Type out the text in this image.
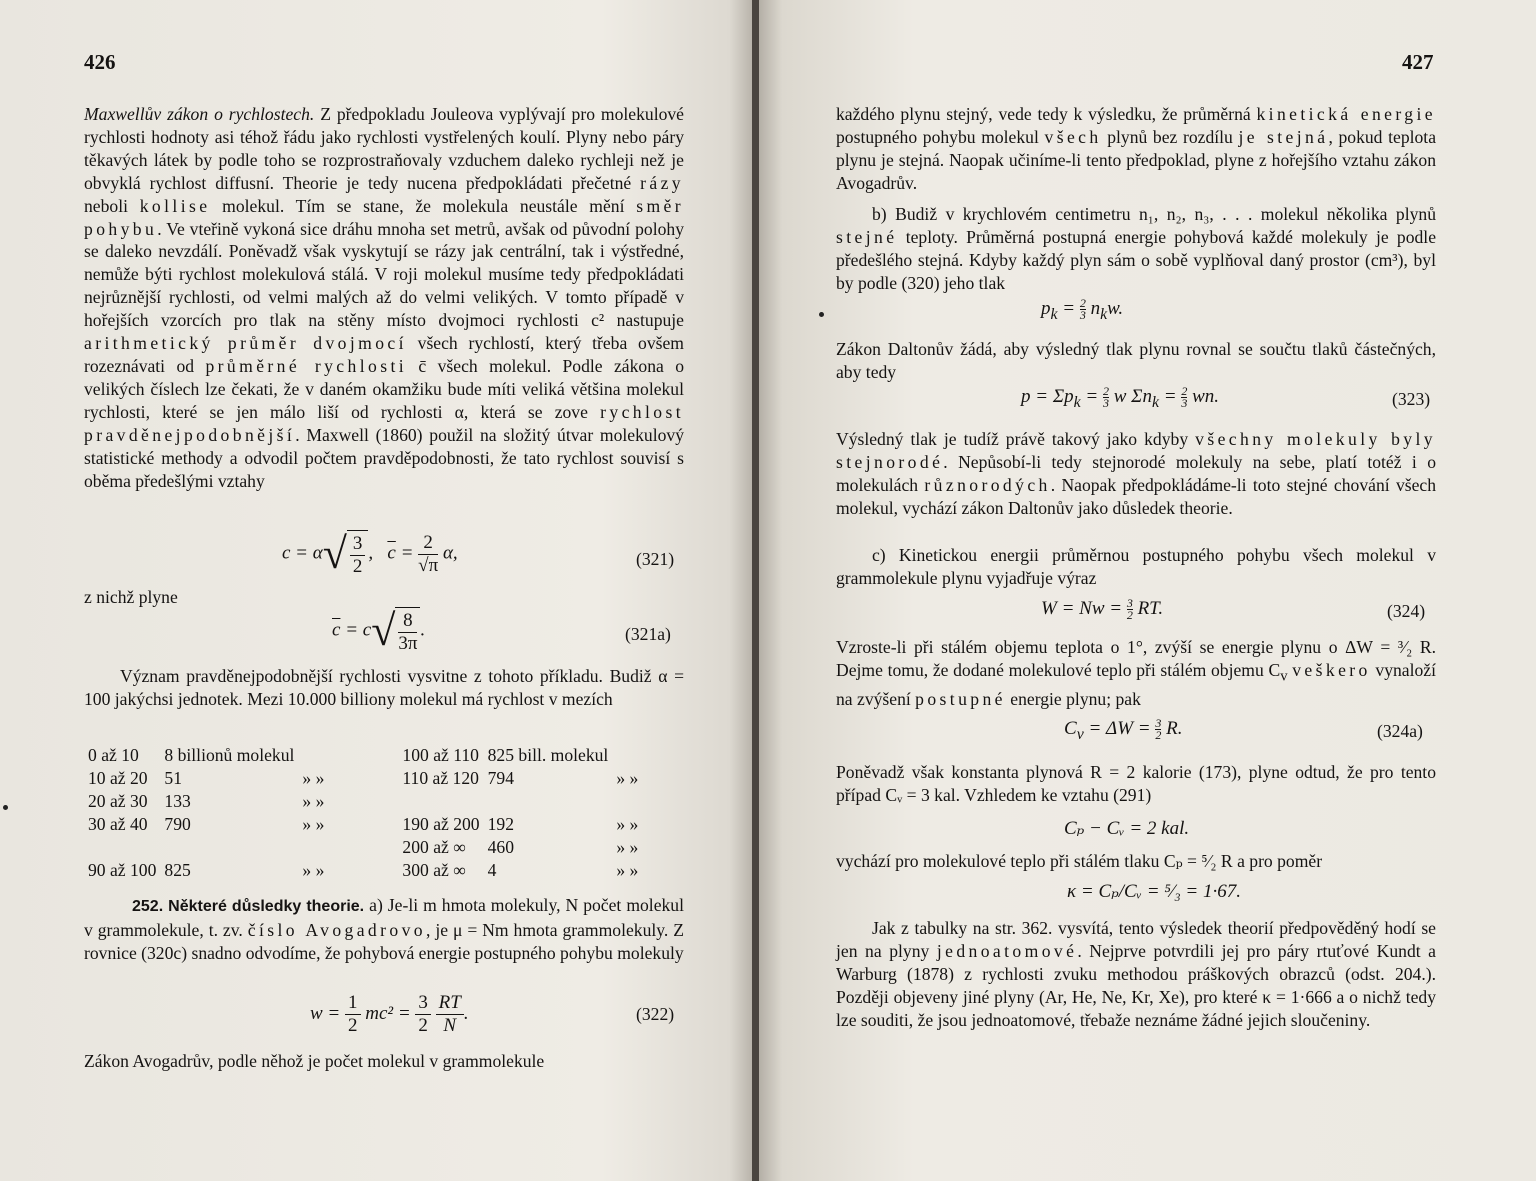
426
Maxwellův zákon o rychlostech. Z předpokladu Jouleova vyplývají pro molekulové rychlosti hodnoty asi téhož řádu jako rychlosti vystřelených koulí. Plyny nebo páry těkavých látek by podle toho se rozprostraňovaly vzduchem daleko rychleji než je obvyklá rychlost diffusní. Theorie je tedy nucena předpokládati přečetné rázy neboli kollise molekul. Tím se stane, že molekula neustále mění směr pohybu. Ve vteřině vykoná sice dráhu mnoha set metrů, avšak od původní polohy se daleko nevzdálí. Poněvadž však vyskytují se rázy jak centrální, tak i výstředné, nemůže býti rychlost molekulová stálá. V roji molekul musíme tedy předpokládati nejrůznější rychlosti, od velmi malých až do velmi velikých. V tomto případě v hořejších vzorcích pro tlak na stěny místo dvojmoci rychlosti c² nastupuje arithmetický průměr dvojmocí všech rychlostí, který třeba ovšem rozeznávati od průměrné rychlosti c̄ všech molekul. Podle zákona o velikých číslech lze čekati, že v daném okamžiku bude míti veliká většina molekul rychlosti, které se jen málo liší od rychlosti α, která se zove rychlost pravděnejpodobnější. Maxwell (1860) použil na složitý útvar molekulový statistické methody a odvodil počtem pravděpodobnosti, že tato rychlost souvisí s oběma předešlými vztahy
$c = \alpha√ \frac{3}{2}$ ,   $\overline{c} = \frac{2}{√\pi} \alpha$,	(321)
z nichž plyne
$\overline{c} = c√ \frac{8}{3\pi}$ .	(321a)
Význam pravděnejpodobnější rychlosti vysvitne z tohoto příkladu. Budiž α = 100 jakýchsi jednotek. Mezi 10.000 billiony molekul má rychlost v mezích
0 až 10	8 billionů molekul		100 až 110	825 bill. molekul	
10 až 20	51	» »	110 až 120	794	» »
20 až 30	133	» »			
30 až 40	790	» »	190 až 200	192	» »
			200 až ∞	460	» »
90 až 100	825	» »	300 až ∞	4	» »
252. Některé důsledky theorie. a) Je-li m hmota molekuly, N počet molekul v grammolekule, t. zv. číslo Avogadrovo, je μ = Nm hmota grammolekuly. Z rovnice (320c) snadno odvodíme, že pohybová energie postupného pohybu molekuly
$w = \frac{1}{2} mc^2 = \frac{3}{2}$
$\frac{RT}{N}$ .	(322)
Zákon Avogadrův, podle něhož je počet molekul v grammolekule
427
každého plynu stejný, vede tedy k výsledku, že průměrná kinetická energie postupného pohybu molekul všech plynů bez rozdílu je stejná, pokud teplota plynu je stejná. Naopak učiníme-li tento předpoklad, plyne z hořejšího vztahu zákon Avogadrův.
b) Budiž v krychlovém centimetru n₁, n₂, n₃, . . . molekul několika plynů stejné teploty. Průměrná postupná energie pohybová každé molekuly je podle předešlého stejná. Kdyby každý plyn sám o sobě vyplňoval daný prostor (cm³), byl by podle (320) jeho tlak
$p_k = \frac{2}{3} n_kw$.
Zákon Daltonův žádá, aby výsledný tlak plynu rovnal se součtu tlaků částečných, aby tedy
$p = \Sigma p_k = \frac{2}{3}$ w $\Sigma n_k = \frac{2}{3}$ wn.	(323)
Výsledný tlak je tudíž právě takový jako kdyby všechny molekuly byly stejnorodé. Nepůsobí-li tedy stejnorodé molekuly na sebe, platí totéž i o molekulách různorodých. Naopak předpokládáme-li toto stejné chování všech molekul, vychází zákon Daltonův jako důsledek theorie.
c) Kinetickou energii průměrnou postupného pohybu všech molekul v grammolekule plynu vyjadřuje výraz
$W = Nw = \frac{3}{2}$ RT.	(324)
Vzroste-li při stálém objemu teplota o 1°, zvýší se energie plynu o ΔW = ³⁄₂ R. Dejme tomu, že dodané molekulové teplo při stálém objemu $C_v$ veškero vynaloží na zvýšení postupné energie plynu; pak
$C_v = \Delta W = \frac{3}{2} R$.	(324a)
Poněvadž však konstanta plynová R = 2 kalorie (173), plyne odtud, že pro tento případ Cᵥ = 3 kal. Vzhledem ke vztahu (291)
Cₚ − Cᵥ = 2 kal.
vychází pro molekulové teplo při stálém tlaku Cₚ = ⁵⁄₂ R a pro poměr
κ = Cₚ/Cᵥ = ⁵⁄₃ = 1·67.
Jak z tabulky na str. 362. vysvítá, tento výsledek theorií předpověděný hodí se jen na plyny jednoatomové. Nejprve potvrdili jej pro páry rtuťové Kundt a Warburg (1878) z rychlosti zvuku methodou práškových obrazců (odst. 204.). Později objeveny jiné plyny (Ar, He, Ne, Kr, Xe), pro které κ = 1·666 a o nichž tedy lze souditi, že jsou jednoatomové, třebaže neznáme žádné jejich sloučeniny.
